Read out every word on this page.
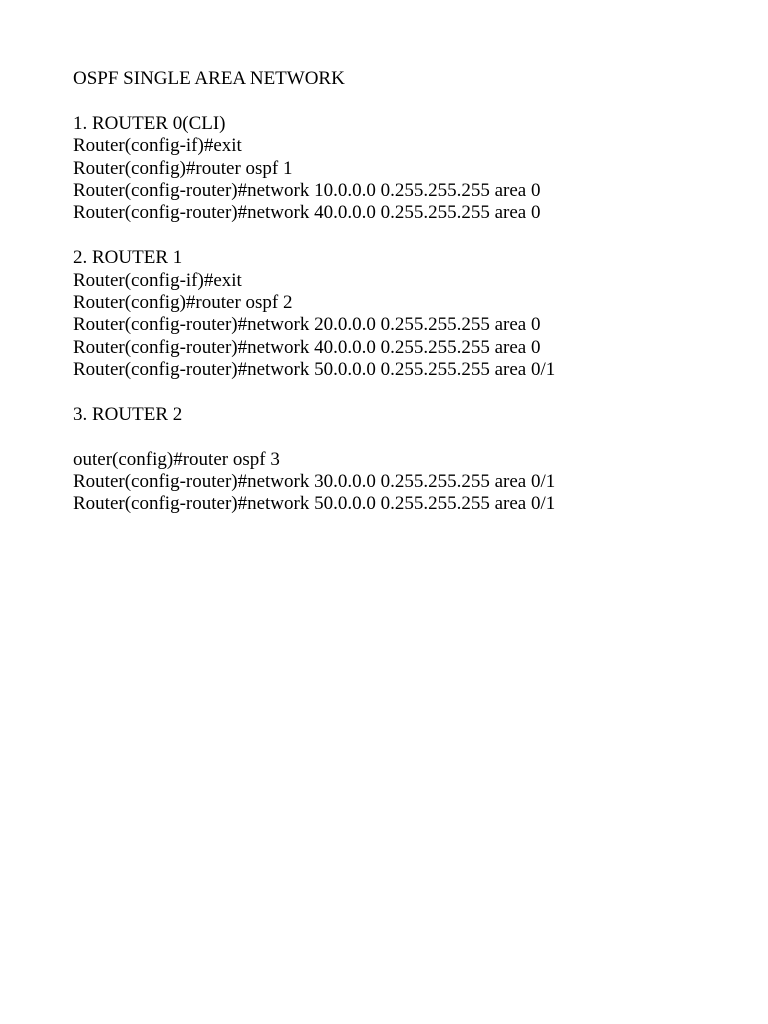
OSPF SINGLE AREA NETWORK
1. ROUTER 0(CLI)
Router(config-if)#exit
Router(config)#router ospf 1
Router(config-router)#network 10.0.0.0 0.255.255.255 area 0
Router(config-router)#network 40.0.0.0 0.255.255.255 area 0
2. ROUTER 1
Router(config-if)#exit
Router(config)#router ospf 2
Router(config-router)#network 20.0.0.0 0.255.255.255 area 0
Router(config-router)#network 40.0.0.0 0.255.255.255 area 0
Router(config-router)#network 50.0.0.0 0.255.255.255 area 0/1
3. ROUTER 2
outer(config)#router ospf 3
Router(config-router)#network 30.0.0.0 0.255.255.255 area 0/1
Router(config-router)#network 50.0.0.0 0.255.255.255 area 0/1
